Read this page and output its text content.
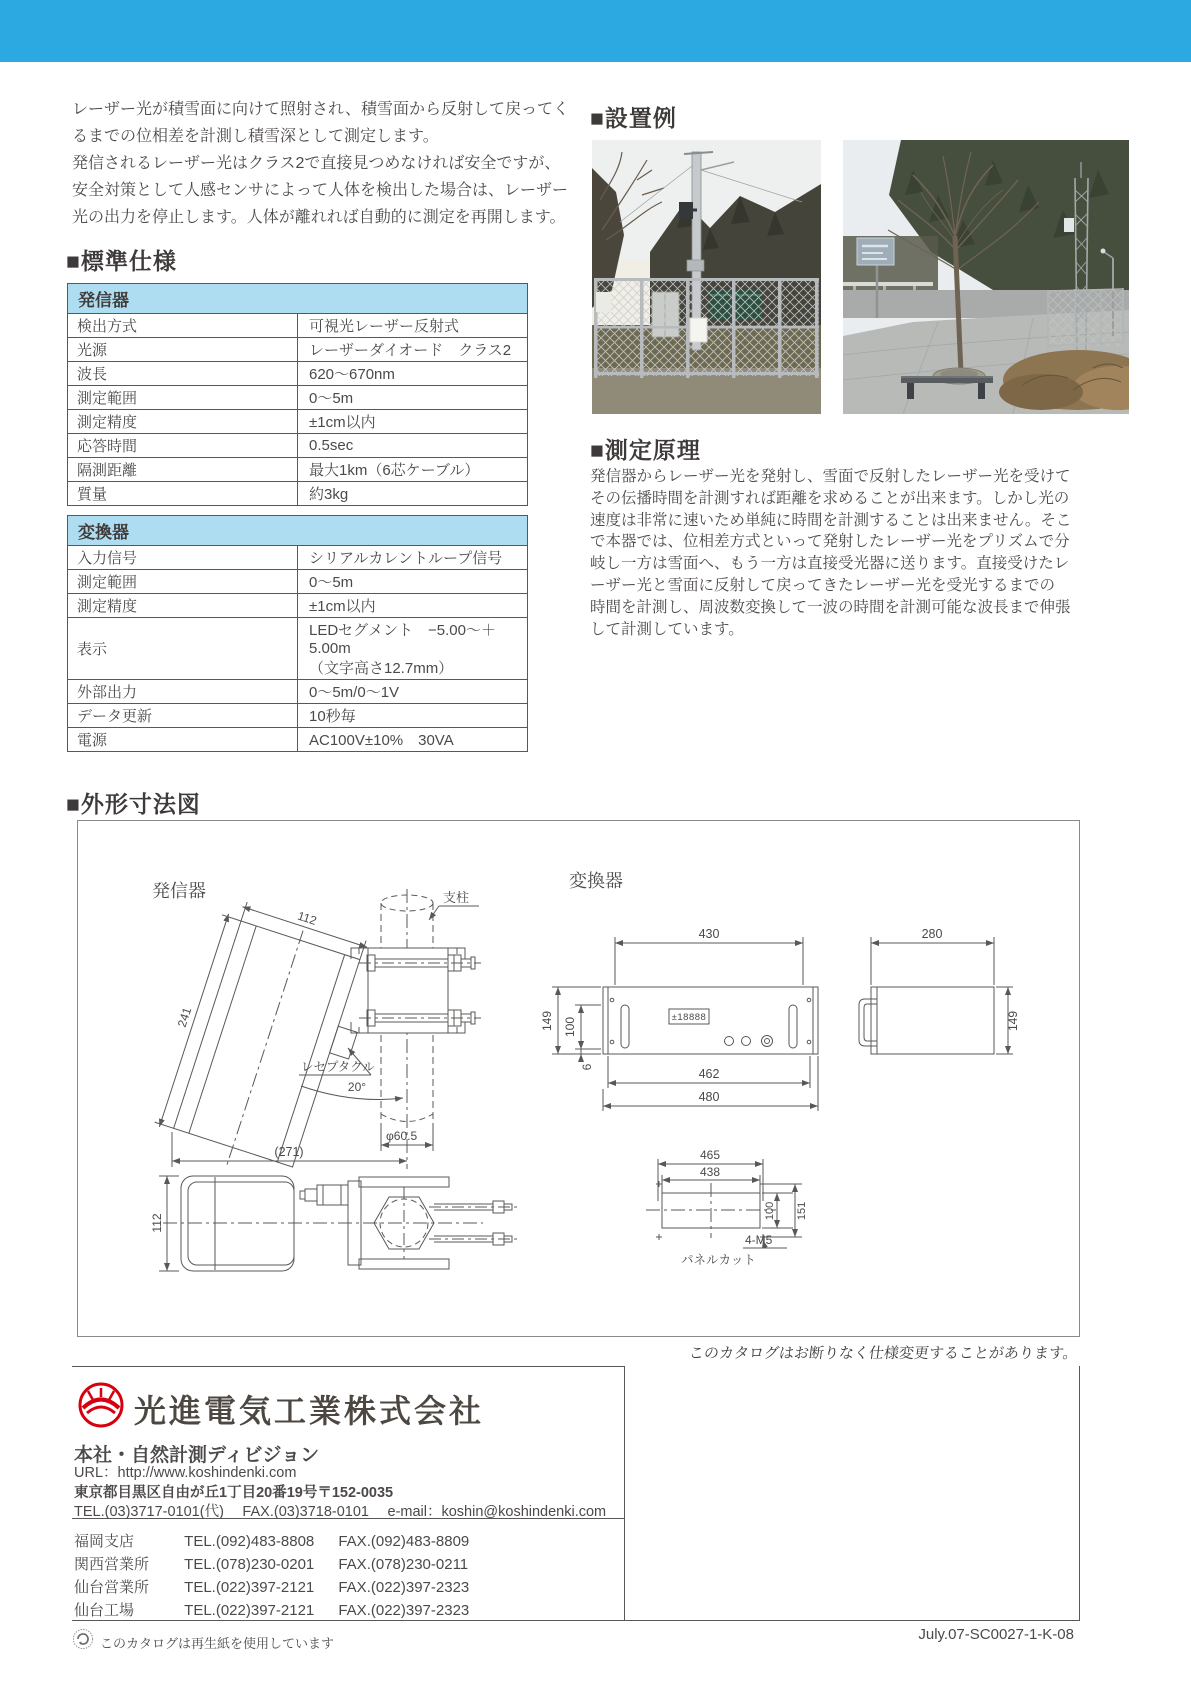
レーザー光が積雪面に向けて照射され、積雪面から反射して戻ってく
るまでの位相差を計測し積雪深として測定します。
発信されるレーザー光はクラス2で直接見つめなければ安全ですが、
安全対策として人感センサによって人体を検出した場合は、レーザー
光の出力を停止します。人体が離れれば自動的に測定を再開します。
■設置例
■測定原理
発信器からレーザー光を発射し、雪面で反射したレーザー光を受けて
その伝播時間を計測すれば距離を求めることが出来ます。しかし光の
速度は非常に速いため単純に時間を計測することは出来ません。そこ
で本器では、位相差方式といって発射したレーザー光をプリズムで分
岐し一方は雪面へ、もう一方は直接受光器に送ります。直接受けたレ
ーザー光と雪面に反射して戻ってきたレーザー光を受光するまでの
時間を計測し、周波数変換して一波の時間を計測可能な波長まで伸張
して計測しています。
■標準仕様
発信器	
検出方式	可視光レーザー反射式
光源	レーザーダイオード　クラス2
波長	620〜670nm
測定範囲	0〜5m
測定精度	±1cm以内
応答時間	0.5sec
隔測距離	最大1km（6芯ケーブル）
質量	約3kg
変換器	
入力信号	シリアルカレントループ信号
測定範囲	0〜5m
測定精度	±1cm以内
表示	LEDセグメント　−5.00〜＋5.00m
（文字高さ12.7mm）

外部出力	0〜5m/0〜1V
データ更新	10秒毎
電源	AC100V±10%　30VA
■外形寸法図
発信器	支柱
112
241
レセプタクル
20°
φ60.5
(271)
112
変換器
430
±18888
149 100
6	462
480
280
149
465
438
100 151
4-M5
パネルカット
このカタログはお断りなく仕様変更することがあります。
光進電気工業株式会社
本社・自然計測ディビジョン
URL：http://www.koshindenki.com
東京都目黒区自由が丘1丁目20番19号〒152-0035
TEL.(03)3717-0101(代)　 FAX.(03)3718-0101　 e-mail：koshin@koshindenki.com
福岡支店	TEL.(092)483-8808 FAX.(092)483-8809
関西営業所 TEL.(078)230-0201 FAX.(078)230-0211
仙台営業所 TEL.(022)397-2121 FAX.(022)397-2323
仙台工場	TEL.(022)397-2121 FAX.(022)397-2323
このカタログは再生紙を使用しています
July.07-SC0027-1-K-08
